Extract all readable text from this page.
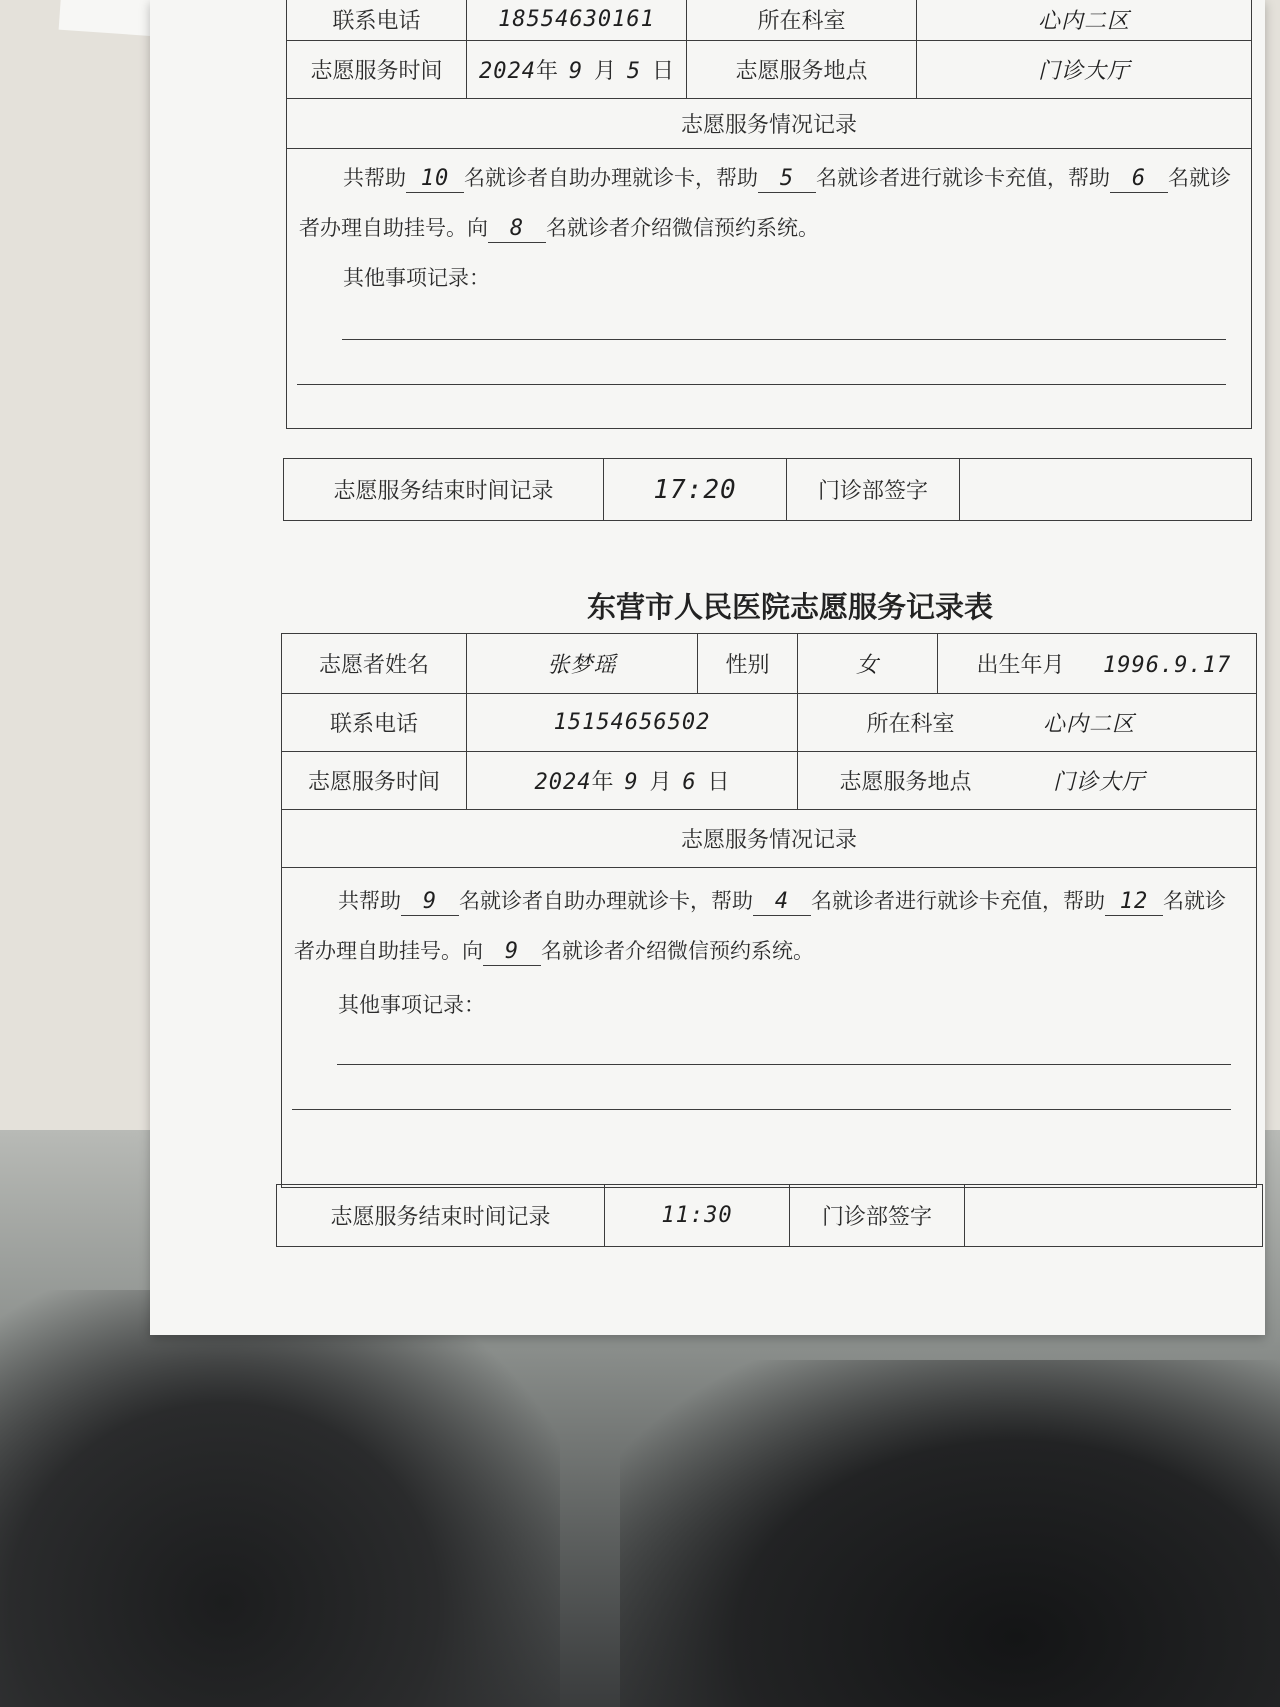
联系电话	18554630161	所在科室	心内二区
志愿服务时间	2024年 9 月 5 日	志愿服务地点	门诊大厅
志愿服务情况记录			

共帮助 10 名就诊者自助办理就诊卡，帮助 5 名就诊者进行就诊卡充值，帮助 6 名就诊者办理自助挂号。向 8 名就诊者介绍微信预约系统。

其他事项记录：			

志愿服务结束时间记录	17:20	门诊部签字	
东营市人民医院志愿服务记录表
志愿者姓名	张梦瑶	性别	女	出生年月 1996.9.17
联系电话	15154656502		所在科室 心内二区	
志愿服务时间	2024年 9 月 6 日		志愿服务地点 门诊大厅	
志愿服务情况记录				

共帮助 9 名就诊者自助办理就诊卡，帮助 4 名就诊者进行就诊卡充值，帮助 12 名就诊者办理自助挂号。向 9 名就诊者介绍微信预约系统。

其他事项记录：				

志愿服务结束时间记录	11:30	门诊部签字	
